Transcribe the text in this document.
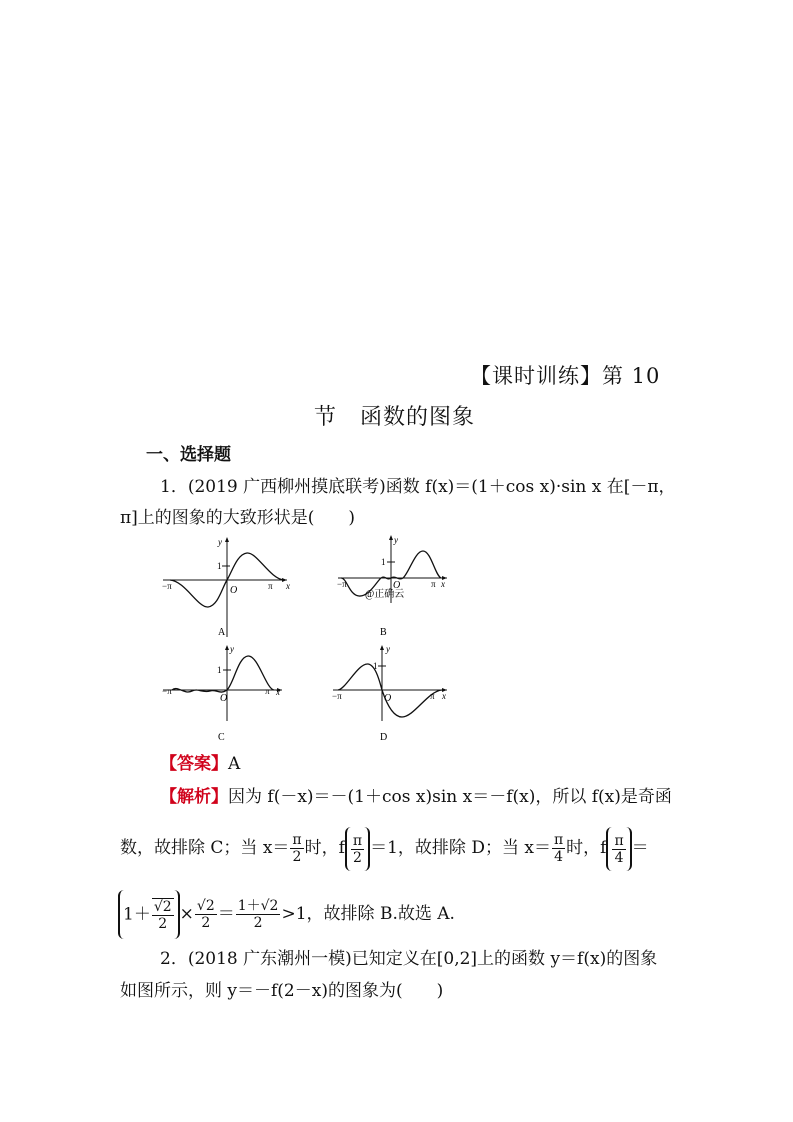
【课时训练】第 10
节　函数的图象
一、选择题
1．(2019 广西柳州摸底联考)函数 f(x)＝(1＋cos x)·sin x 在[－π，
π]上的图象的大致形状是(　　)
y
x
O
1
−π	π
A
y
x
O
1
−π	π
@正确云
B
y
x
O
1
−π	π
C
y
x
O
1
−π	π
D
【答案】A
【解析】因为 f(－x)＝－(1＋cos x)sin x＝－f(x)，所以 f(x)是奇函
数，故排除 C；当 $x= \frac{\pi}{2}$ 时，f $\frac{\pi}{2} =1$，故排除 D；当 $x= \frac{\pi}{4}$ 时，f $\frac{\pi}{4}$ ＝
$1+ \frac{√2}{2} \times \frac{√2}{2} = \frac{1+√2}{2} >1$，故排除 B.故选 A.
2．(2018 广东潮州一模)已知定义在[0,2]上的函数 y＝f(x)的图象
如图所示，则 y＝－f(2－x)的图象为(　　)
